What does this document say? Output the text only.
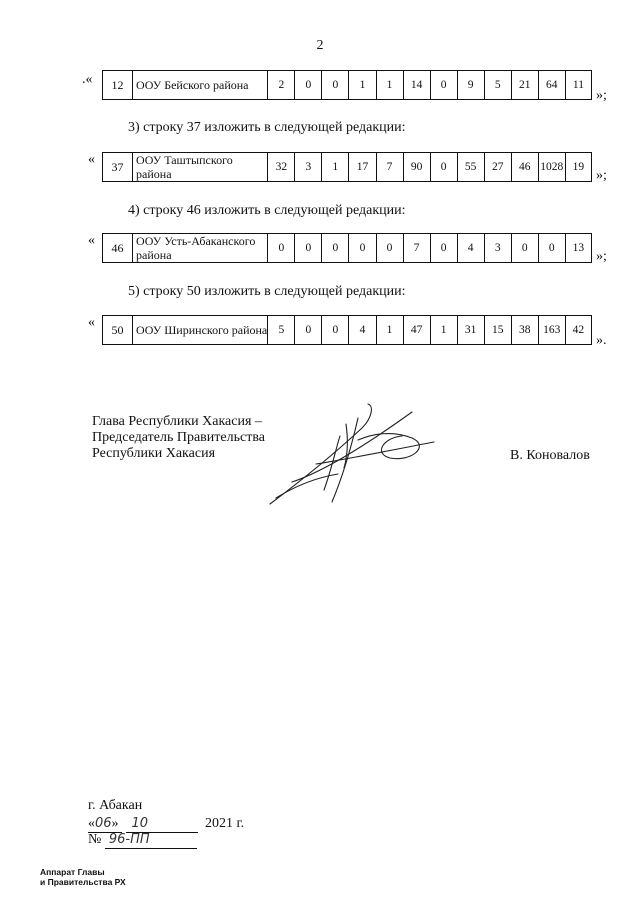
2
.« 12	ООУ Бейского района	2	0	0	1	1	14	0	9	5	21	64	11
»;
3) строку 37 изложить в следующей редакции:
« 37	ООУ Таштыпского района	32	3	1	17	7	90	0	55	27	46	1028	19
»;
4) строку 46 изложить в следующей редакции:
« 46	ООУ Усть-Абаканского района	0	0	0	0	0	7	0	4	3	0	0	13
»;
5) строку 50 изложить в следующей редакции:
« 50	ООУ Ширинского района	5	0	0	4	1	47	1	31	15	38	163	42
».
Глава Республики Хакасия –
Председатель Правительства
Республики Хакасия	В. Коновалов
г. Абакан
«06» 10	2021 г.
№ 96-ПП
Аппарат Главы
и Правительства РХ
